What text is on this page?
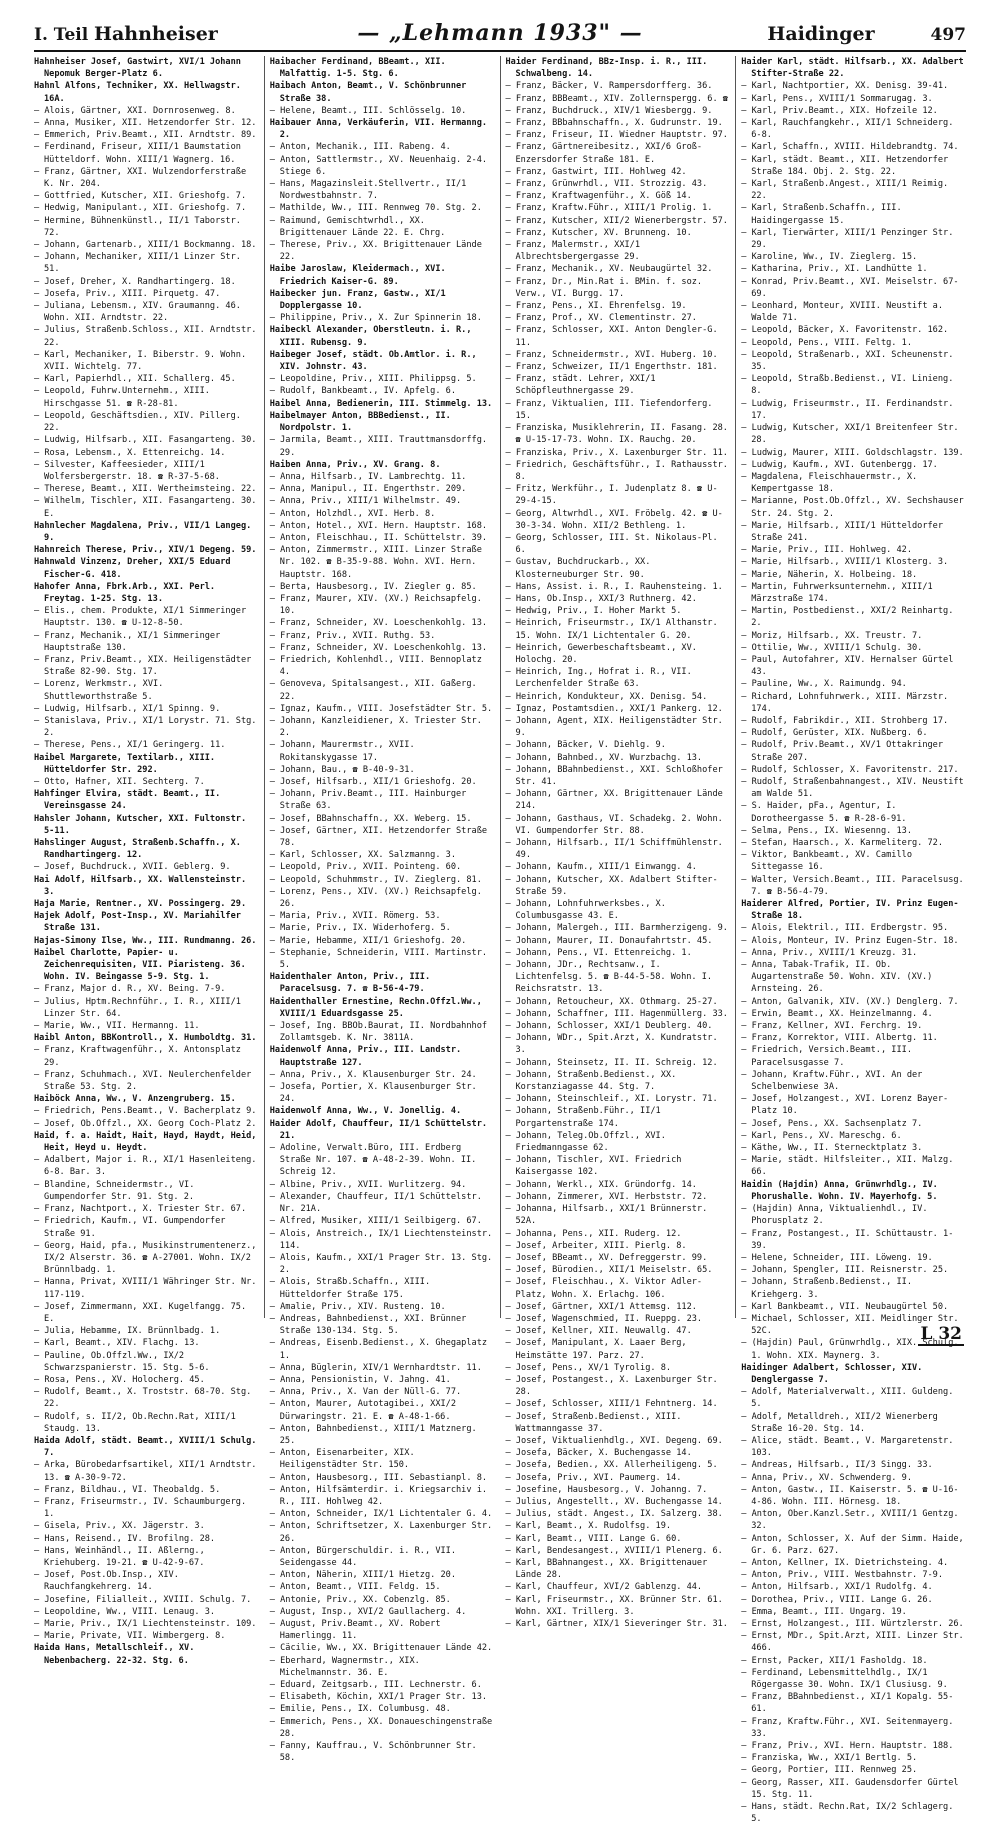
I. Teil Hahnheiser	— „Lehmann 1933" —	Haidinger	497
Hahnheiser Josef, Gastwirt, XVI/1 Johann Nepomuk Berger-Platz 6.
Hahnl Alfons, Techniker, XX. Hellwagstr. 16A.
— Alois, Gärtner, XXI. Dornrosenweg. 8.
— Anna, Musiker, XII. Hetzendorfer Str. 12.
— Emmerich, Priv.Beamt., XII. Arndtstr. 89.
— Ferdinand, Friseur, XIII/1 Baumstation Hütteldorf. Wohn. XIII/1 Wagnerg. 16.
— Franz, Gärtner, XXI. Wulzendorferstraße K. Nr. 204.
— Gottfried, Kutscher, XII. Grieshofg. 7.
— Hedwig, Manipulant., XII. Grieshofg. 7.
— Hermine, Bühnenkünstl., II/1 Taborstr. 72.
— Johann, Gartenarb., XIII/1 Bockmanng. 18.
— Johann, Mechaniker, XIII/1 Linzer Str. 51.
— Josef, Dreher, X. Randhartingerg. 18.
— Josefa, Priv., XIII. Pirquetg. 47.
— Juliana, Lebensm., XIV. Graumanng. 46. Wohn. XII. Arndtstr. 22.
— Julius, Straßenb.Schloss., XII. Arndtstr. 22.
— Karl, Mechaniker, I. Biberstr. 9. Wohn. XVII. Wichtelg. 77.
— Karl, Papierhdl., XII. Schallerg. 45.
— Leopold, Fuhrw.Unternehm., XIII. Hirschgasse 51. ☎ R-28-81.
— Leopold, Geschäftsdien., XIV. Pillerg. 22.
— Ludwig, Hilfsarb., XII. Fasangarteng. 30.
— Rosa, Lebensm., X. Ettenreichg. 14.
— Silvester, Kaffeesieder, XIII/1 Wolfersbergerstr. 18. ☎ R-37-5-68.
— Therese, Beamt., XII. Wertheimsteing. 22.
— Wilhelm, Tischler, XII. Fasangarteng. 30. E.
Hahnlecher Magdalena, Priv., VII/1 Langeg. 9.
Hahnreich Therese, Priv., XIV/1 Degeng. 59.
Hahnwald Vinzenz, Dreher, XXI/5 Eduard Fischer-G. 418.
Hahofer Anna, Fbrk.Arb., XXI. Perl. Freytag. 1-25. Stg. 13.
— Elis., chem. Produkte, XI/1 Simmeringer Hauptstr. 130. ☎ U-12-8-50.
— Franz, Mechanik., XI/1 Simmeringer Hauptstraße 130.
— Franz, Priv.Beamt., XIX. Heiligenstädter Straße 82-90. Stg. 17.
— Lorenz, Werkmstr., XVI. Shuttleworthstraße 5.
— Ludwig, Hilfsarb., XI/1 Spinng. 9.
— Stanislava, Priv., XI/1 Lorystr. 71. Stg. 2.
— Therese, Pens., XI/1 Geringerg. 11.
Haibel Margarete, Textilarb., XIII. Hütteldorfer Str. 292.
— Otto, Hafner, XII. Sechterg. 7.
Hahfinger Elvira, städt. Beamt., II. Vereinsgasse 24.
Hahsler Johann, Kutscher, XXI. Fultonstr. 5-11.
Hahslinger August, Straßenb.Schaffn., X. Randhartingerg. 12.
— Josef, Buchdruck., XVII. Geblerg. 9.
Hai Adolf, Hilfsarb., XX. Wallensteinstr. 3.
Haja Marie, Rentner., XV. Possingerg. 29.
Hajek Adolf, Post-Insp., XV. Mariahilfer Straße 131.
Hajas-Simony Ilse, Ww., III. Rundmanng. 26.
Haibel Charlotte, Papier- u. Zeichenrequisiten, VII. Piaristeng. 36. Wohn. IV. Beingasse 5-9. Stg. 1.
— Franz, Major d. R., XV. Being. 7-9.
— Julius, Hptm.Rechnführ., I. R., XIII/1 Linzer Str. 64.
— Marie, Ww., VII. Hermanng. 11.
Haibl Anton, BBKontroll., X. Humboldtg. 31.
— Franz, Kraftwagenführ., X. Antonsplatz 29.
— Franz, Schuhmach., XVI. Neulerchenfelder Straße 53. Stg. 2.
Haiböck Anna, Ww., V. Anzengruberg. 15.
— Friedrich, Pens.Beamt., V. Bacherplatz 9.
— Josef, Ob.Offzl., XX. Georg Coch-Platz 2.
Haid, f. a. Haidt, Hait, Hayd, Haydt, Heid, Heit, Heyd u. Heydt.
— Adalbert, Major i. R., XI/1 Hasenleiteng. 6-8. Bar. 3.
— Blandine, Schneidermstr., VI. Gumpendorfer Str. 91. Stg. 2.
— Franz, Nachtport., X. Triester Str. 67.
— Friedrich, Kaufm., VI. Gumpendorfer Straße 91.
— Georg, Haid, pfa., Musikinstrumentenerz., IX/2 Alserstr. 36. ☎ A-27001. Wohn. IX/2 Brünnlbadg. 1.
— Hanna, Privat, XVIII/1 Währinger Str. Nr. 117-119.
— Josef, Zimmermann, XXI. Kugelfangg. 75. E.
— Julia, Hebamme, IX. Brünnlbadg. 1.
— Karl, Beamt., XIV. Flachg. 13.
— Pauline, Ob.Offzl.Ww., IX/2 Schwarzspanierstr. 15. Stg. 5-6.
— Rosa, Pens., XV. Holocherg. 45.
— Rudolf, Beamt., X. Troststr. 68-70. Stg. 22.
— Rudolf, s. II/2, Ob.Rechn.Rat, XIII/1 Staudg. 13.
Haida Adolf, städt. Beamt., XVIII/1 Schulg. 7.
— Arka, Bürobedarfsartikel, XII/1 Arndtstr. 13. ☎ A-30-9-72.
— Franz, Bildhau., VI. Theobaldg. 5.
— Franz, Friseurmstr., IV. Schaumburgerg. 1.
— Gisela, Priv., XX. Jägerstr. 3.
— Hans, Reisend., IV. Brofilng. 28.
— Hans, Weinhändl., II. Aßlerng., Kriehuberg. 19-21. ☎ U-42-9-67.
— Josef, Post.Ob.Insp., XIV. Rauchfangkehrerg. 14.
— Josefine, Filialleit., XVIII. Schulg. 7.
— Leopoldine, Ww., VIII. Lenaug. 3.
— Marie, Priv., IX/1 Liechtensteinstr. 109.
— Marie, Private, VII. Wimbergerg. 8.
Haida Hans, Metallschleif., XV. Nebenbacherg. 22-32. Stg. 6.
Haibacher Ferdinand, BBeamt., XII. Malfattig. 1-5. Stg. 6.
Haibach Anton, Beamt., V. Schönbrunner Straße 38.
— Helene, Beamt., III. Schlösselg. 10.
Haibauer Anna, Verkäuferin, VII. Hermanng. 2.
— Anton, Mechanik., III. Rabeng. 4.
— Anton, Sattlermstr., XV. Neuenhaig. 2-4. Stiege 6.
— Hans, Magazinsleit.Stellvertr., II/1 Nordwestbahnstr. 7.
— Mathilde, Ww., III. Rennweg 70. Stg. 2.
— Raimund, Gemischtwrhdl., XX. Brigittenauer Lände 22. E. Chrg.
— Therese, Priv., XX. Brigittenauer Lände 22.
Haibe Jaroslaw, Kleidermach., XVI. Friedrich Kaiser-G. 89.
Haibecker jun. Franz, Gastw., XI/1 Dopplergasse 10.
— Philippine, Priv., X. Zur Spinnerin 18.
Haibeckl Alexander, Oberstleutn. i. R., XIII. Rubensg. 9.
Haibeger Josef, städt. Ob.Amtlor. i. R., XIV. Johnstr. 43.
— Leopoldine, Priv., XIII. Philippsg. 5.
— Rudolf, Bankbeamt., IV. Apfelg. 6.
Haibel Anna, Bedienerin, III. Stimmelg. 13.
Haibelmayer Anton, BBBedienst., II. Nordpolstr. 1.
— Jarmila, Beamt., XIII. Trauttmansdorffg. 29.
Haiben Anna, Priv., XV. Grang. 8.
— Anna, Hilfsarb., IV. Lambrechtg. 11.
— Anna, Manipul., II. Engerthstr. 209.
— Anna, Priv., XIII/1 Wilhelmstr. 49.
— Anton, Holzhdl., XVI. Herb. 8.
— Anton, Hotel., XVI. Hern. Hauptstr. 168.
— Anton, Fleischhau., II. Schüttelstr. 39.
— Anton, Zimmermstr., XIII. Linzer Straße Nr. 102. ☎ B-35-9-88. Wohn. XVI. Hern. Hauptstr. 168.
— Berta, Hausbesorg., IV. Ziegler g. 85.
— Franz, Maurer, XIV. (XV.) Reichsapfelg. 10.
— Franz, Schneider, XV. Loeschenkohlg. 13.
— Franz, Priv., XVII. Ruthg. 53.
— Franz, Schneider, XV. Loeschenkohlg. 13.
— Friedrich, Kohlenhdl., VIII. Bennoplatz 4.
— Genoveva, Spitalsangest., XII. Gaßerg. 22.
— Ignaz, Kaufm., VIII. Josefstädter Str. 5.
— Johann, Kanzleidiener, X. Triester Str. 2.
— Johann, Maurermstr., XVII. Rokitanskygasse 17.
— Johann, Bau., ☎ B-40-9-31.
— Josef, Hilfsarb., XII/1 Grieshofg. 20.
— Johann, Priv.Beamt., III. Hainburger Straße 63.
— Josef, BBahnschaffn., XX. Weberg. 15.
— Josef, Gärtner, XII. Hetzendorfer Straße 78.
— Karl, Schlosser, XX. Salzmanng. 3.
— Leopold, Priv., XVII. Pointeng. 60.
— Leopold, Schuhmmstr., IV. Zieglerg. 81.
— Lorenz, Pens., XIV. (XV.) Reichsapfelg. 26.
— Maria, Priv., XVII. Römerg. 53.
— Marie, Priv., IX. Widerhoferg. 5.
— Marie, Hebamme, XII/1 Grieshofg. 20.
— Stephanie, Schneiderin, VIII. Martinstr. 5.
Haidenthaler Anton, Priv., III. Paracelsusg. 7. ☎ B-56-4-79.
Haidenthaller Ernestine, Rechn.Offzl.Ww., XVIII/1 Eduardsgasse 25.
— Josef, Ing. BBOb.Baurat, II. Nordbahnhof Zollamtsgeb. K. Nr. 3811A.
Haidenwolf Anna, Priv., III. Landstr. Hauptstraße 127.
— Anna, Priv., X. Klausenburger Str. 24.
— Josefa, Portier, X. Klausenburger Str. 24.
Haidenwolf Anna, Ww., V. Jonellig. 4.
Haider Adolf, Chauffeur, II/1 Schüttelstr. 21.
— Adoline, Verwalt.Büro, III. Erdberg Straße Nr. 107. ☎ A-48-2-39. Wohn. II. Schreig 12.
— Albine, Priv., XVII. Wurlitzerg. 94.
— Alexander, Chauffeur, II/1 Schüttelstr. Nr. 21A.
— Alfred, Musiker, XIII/1 Seilbigerg. 67.
— Alois, Anstreich., IX/1 Liechtensteinstr. 114.
— Alois, Kaufm., XXI/1 Prager Str. 13. Stg. 2.
— Alois, Straßb.Schaffn., XIII. Hütteldorfer Straße 175.
— Amalie, Priv., XIV. Rusteng. 10.
— Andreas, Bahnbedienst., XXI. Brünner Straße 130-134. Stg. 5.
— Andreas, Eisenb.Bedienst., X. Ghegaplatz 1.
— Anna, Büglerin, XIV/1 Wernhardtstr. 11.
— Anna, Pensionistin, V. Jahng. 41.
— Anna, Priv., X. Van der Nüll-G. 77.
— Anton, Maurer, Autotagibei., XXI/2 Dürwaringstr. 21. E. ☎ A-48-1-66.
— Anton, Bahnbedienst., XIII/1 Matznerg. 25.
— Anton, Eisenarbeiter, XIX. Heiligenstädter Str. 150.
— Anton, Hausbesorg., III. Sebastianpl. 8.
— Anton, Hilfsämterdir. i. Kriegsarchiv i. R., III. Hohlweg 42.
— Anton, Schneider, IX/1 Lichtentaler G. 4.
— Anton, Schriftsetzer, X. Laxenburger Str. 26.
— Anton, Bürgerschuldir. i. R., VII. Seidengasse 44.
— Anton, Näherin, XIII/1 Hietzg. 20.
— Anton, Beamt., VIII. Feldg. 15.
— Antonie, Priv., XX. Cobenzlg. 85.
— August, Insp., XVI/2 Gaullacherg. 4.
— August, Priv.Beamt., XV. Robert Hamerlingg. 11.
— Cäcilie, Ww., XX. Brigittenauer Lände 42.
— Eberhard, Wagnermstr., XIX. Michelmannstr. 36. E.
— Eduard, Zeitgsarb., III. Lechnerstr. 6.
— Elisabeth, Köchin, XXI/1 Prager Str. 13.
— Emilie, Pens., IX. Columbusg. 48.
— Emmerich, Pens., XX. Donaueschingenstraße 28.
— Fanny, Kauffrau., V. Schönbrunner Str. 58.
Haider Ferdinand, BBz-Insp. i. R., III. Schwalbeng. 14.
— Franz, Bäcker, V. Rampersdorfferg. 36.
— Franz, BBBeamt., XIV. Zollernspergg. 6. ☎
— Franz, Buchdruck., XIV/1 Wiesbergg. 9.
— Franz, BBbahnschaffn., X. Gudrunstr. 19.
— Franz, Friseur, II. Wiedner Hauptstr. 97.
— Franz, Gärtnereibesitz., XXI/6 Groß-Enzersdorfer Straße 181. E.
— Franz, Gastwirt, III. Hohlweg 42.
— Franz, Grünwrhdl., VII. Strozzig. 43.
— Franz, Kraftwagenführ., X. Göß 14.
— Franz, Kraftw.Führ., XIII/1 Prolig. 1.
— Franz, Kutscher, XII/2 Wienerbergstr. 57.
— Franz, Kutscher, XV. Brunneng. 10.
— Franz, Malermstr., XXI/1 Albrechtsbergergasse 29.
— Franz, Mechanik., XV. Neubaugürtel 32.
— Franz, Dr., Min.Rat i. BMin. f. soz. Verw., VI. Burgg. 17.
— Franz, Pens., XI. Ehrenfelsg. 19.
— Franz, Prof., XV. Clementinstr. 27.
— Franz, Schlosser, XXI. Anton Dengler-G. 11.
— Franz, Schneidermstr., XVI. Huberg. 10.
— Franz, Schweizer, II/1 Engerthstr. 181.
— Franz, städt. Lehrer, XXI/1 Schöpfleuthnergasse 29.
— Franz, Viktualien, III. Tiefendorferg. 15.
— Franziska, Musiklehrerin, II. Fasang. 28. ☎ U-15-17-73. Wohn. IX. Rauchg. 20.
— Franziska, Priv., X. Laxenburger Str. 11.
— Friedrich, Geschäftsführ., I. Rathausstr. 8.
— Fritz, Werkführ., I. Judenplatz 8. ☎ U-29-4-15.
— Georg, Altwrhdl., XVI. Fröbelg. 42. ☎ U-30-3-34. Wohn. XII/2 Bethleng. 1.
— Georg, Schlosser, III. St. Nikolaus-Pl. 6.
— Gustav, Buchdruckarb., XX. Klosterneuburger Str. 90.
— Hans, Assist. i. R., I. Rauhensteing. 1.
— Hans, Ob.Insp., XXI/3 Ruthnerg. 42.
— Hedwig, Priv., I. Hoher Markt 5.
— Heinrich, Friseurmstr., IX/1 Althanstr. 15. Wohn. IX/1 Lichtentaler G. 20.
— Heinrich, Gewerbeschaftsbeamt., XV. Holochg. 20.
— Heinrich, Ing., Hofrat i. R., VII. Lerchenfelder Straße 63.
— Heinrich, Kondukteur, XX. Denisg. 54.
— Ignaz, Postamtsdien., XXI/1 Pankerg. 12.
— Johann, Agent, XIX. Heiligenstädter Str. 9.
— Johann, Bäcker, V. Diehlg. 9.
— Johann, Bahnbed., XV. Wurzbachg. 13.
— Johann, BBahnbedienst., XXI. Schloßhofer Str. 41.
— Johann, Gärtner, XX. Brigittenauer Lände 214.
— Johann, Gasthaus, VI. Schadekg. 2. Wohn. VI. Gumpendorfer Str. 88.
— Johann, Hilfsarb., II/1 Schiffmühlenstr. 49.
— Johann, Kaufm., XIII/1 Einwangg. 4.
— Johann, Kutscher, XX. Adalbert Stifter-Straße 59.
— Johann, Lohnfuhrwerksbes., X. Columbusgasse 43. E.
— Johann, Malergeh., III. Barmherzigeng. 9.
— Johann, Maurer, II. Donaufahrtstr. 45.
— Johann, Pens., VI. Ettenreichg. 1.
— Johann, JDr., Rechtsanw., I. Lichtenfelsg. 5. ☎ B-44-5-58. Wohn. I. Reichsratstr. 13.
— Johann, Retoucheur, XX. Othmarg. 25-27.
— Johann, Schaffner, III. Hagenmüllerg. 33.
— Johann, Schlosser, XXI/1 Deublerg. 40.
— Johann, WDr., Spit.Arzt, X. Kundratstr. 3.
— Johann, Steinsetz, II. II. Schreig. 12.
— Johann, Straßenb.Bedienst., XX. Korstanziagasse 44. Stg. 7.
— Johann, Steinschleif., XI. Lorystr. 71.
— Johann, Straßenb.Führ., II/1 Porgartenstraße 174.
— Johann, Teleg.Ob.Offzl., XVI. Friedmanngasse 62.
— Johann, Tischler, XVI. Friedrich Kaisergasse 102.
— Johann, Werkl., XIX. Gründorfg. 14.
— Johann, Zimmerer, XVI. Herbststr. 72.
— Johanna, Hilfsarb., XXI/1 Brünnerstr. 52A.
— Johanna, Pens., XII. Ruderg. 12.
— Josef, Arbeiter, XIII. Pierlg. 8.
— Josef, BBeamt., XV. Defreggerstr. 99.
— Josef, Bürodien., XII/1 Meiselstr. 65.
— Josef, Fleischhau., X. Viktor Adler-Platz, Wohn. X. Erlachg. 106.
— Josef, Gärtner, XXI/1 Attemsg. 112.
— Josef, Wagenschmied, II. Rueppg. 23.
— Josef, Kellner, XII. Neuwallg. 47.
— Josef, Manipulant, X. Laaer Berg, Heimstätte 197. Parz. 27.
— Josef, Pens., XV/1 Tyrolig. 8.
— Josef, Postangest., X. Laxenburger Str. 28.
— Josef, Schlosser, XIII/1 Fehntnerg. 14.
— Josef, Straßenb.Bedienst., XIII. Wattmanngasse 37.
— Josef, Viktualienhdlg., XVI. Degeng. 69.
— Josefa, Bäcker, X. Buchengasse 14.
— Josefa, Bedien., XX. Allerheiligeng. 5.
— Josefa, Priv., XVI. Paumerg. 14.
— Josefine, Hausbesorg., V. Johanng. 7.
— Julius, Angestellt., XV. Buchengasse 14.
— Julius, städt. Angest., IX. Salzerg. 38.
— Karl, Beamt., X. Rudolfsg. 19.
— Karl, Beamt., VIII. Lange G. 60.
— Karl, Bendesangest., XVIII/1 Plenerg. 6.
— Karl, BBahnangest., XX. Brigittenauer Lände 28.
— Karl, Chauffeur, XVI/2 Gablenzg. 44.
— Karl, Friseurmstr., XX. Brünner Str. 61. Wohn. XXI. Trillerg. 3.
— Karl, Gärtner, XIX/1 Sieveringer Str. 31.
Haider Karl, städt. Hilfsarb., XX. Adalbert Stifter-Straße 22.
— Karl, Nachtportier, XX. Denisg. 39-41.
— Karl, Pens., XVIII/1 Sommarugag. 3.
— Karl, Priv.Beamt., XIX. Hofzeile 12.
— Karl, Rauchfangkehr., XII/1 Schneiderg. 6-8.
— Karl, Schaffn., XVIII. Hildebrandtg. 74.
— Karl, städt. Beamt., XII. Hetzendorfer Straße 184. Obj. 2. Stg. 22.
— Karl, Straßenb.Angest., XIII/1 Reimig. 22.
— Karl, Straßenb.Schaffn., III. Haidingergasse 15.
— Karl, Tierwärter, XIII/1 Penzinger Str. 29.
— Karoline, Ww., IV. Zieglerg. 15.
— Katharina, Priv., XI. Landhütte 1.
— Konrad, Priv.Beamt., XVI. Meiselstr. 67-69.
— Leonhard, Monteur, XVIII. Neustift a. Walde 71.
— Leopold, Bäcker, X. Favoritenstr. 162.
— Leopold, Pens., VIII. Feltg. 1.
— Leopold, Straßenarb., XXI. Scheunenstr. 35.
— Leopold, Straßb.Bedienst., VI. Linieng. 8.
— Ludwig, Friseurmstr., II. Ferdinandstr. 17.
— Ludwig, Kutscher, XXI/1 Breitenfeer Str. 28.
— Ludwig, Maurer, XIII. Goldschlagstr. 139.
— Ludwig, Kaufm., XVI. Gutenbergg. 17.
— Magdalena, Fleischhauermstr., X. Kempertgasse 18.
— Marianne, Post.Ob.Offzl., XV. Sechshauser Str. 24. Stg. 2.
— Marie, Hilfsarb., XIII/1 Hütteldorfer Straße 241.
— Marie, Priv., III. Hohlweg. 42.
— Marie, Hilfsarb., XVIII/1 Klosterg. 3.
— Marie, Näherin, X. Holbeing. 18.
— Martin, Fuhrwerksunternehm., XIII/1 Märzstraße 174.
— Martin, Postbedienst., XXI/2 Reinhartg. 2.
— Moriz, Hilfsarb., XX. Treustr. 7.
— Ottilie, Ww., XVIII/1 Schulg. 30.
— Paul, Autofahrer, XIV. Hernalser Gürtel 43.
— Pauline, Ww., X. Raimundg. 94.
— Richard, Lohnfuhrwerk., XIII. Märzstr. 174.
— Rudolf, Fabrikdir., XII. Strohberg 17.
— Rudolf, Gerüster, XIX. Nußberg. 6.
— Rudolf, Priv.Beamt., XV/1 Ottakringer Straße 207.
— Rudolf, Schlosser, X. Favoritenstr. 217.
— Rudolf, Straßenbahnangest., XIV. Neustift am Walde 51.
— S. Haider, pFa., Agentur, I. Dorotheergasse 5. ☎ R-28-6-91.
— Selma, Pens., IX. Wiesenng. 13.
— Stefan, Haarsch., X. Karmeliterg. 72.
— Viktor, Bankbeamt., XV. Camillo Sittegasse 16.
— Walter, Versich.Beamt., III. Paracelsusg. 7. ☎ B-56-4-79.
Haiderer Alfred, Portier, IV. Prinz Eugen-Straße 18.
— Alois, Elektril., III. Erdbergstr. 95.
— Alois, Monteur, IV. Prinz Eugen-Str. 18.
— Anna, Priv., XVIII/1 Kreuzg. 31.
— Anna, Tabak-Trafik, II. Ob. Augartenstraße 50. Wohn. XIV. (XV.) Arnsteing. 26.
— Anton, Galvanik, XIV. (XV.) Denglerg. 7.
— Erwin, Beamt., XX. Heinzelmanng. 4.
— Franz, Kellner, XVI. Ferchrg. 19.
— Franz, Korrektor, VIII. Albertg. 11.
— Friedrich, Versich.Beamt., III. Paracelsusgasse 7.
— Johann, Kraftw.Führ., XVI. An der Schelbenwiese 3A.
— Josef, Holzangest., XVI. Lorenz Bayer-Platz 10.
— Josef, Pens., XX. Sachsenplatz 7.
— Karl, Pens., XV. Mareschg. 6.
— Käthe, Ww., II. Sternecktplatz 3.
— Marie, städt. Hilfsleiter., XII. Malzg. 66.
Haidin (Hajdin) Anna, Grünwrhdlg., IV. Phorushalle. Wohn. IV. Mayerhofg. 5.
— (Hajdin) Anna, Viktualienhdl., IV. Phorusplatz 2.
— Franz, Postangest., II. Schüttaustr. 1-39.
— Helene, Schneider, III. Löweng. 19.
— Johann, Spengler, III. Reisnerstr. 25.
— Johann, Straßenb.Bedienst., II. Kriehgerg. 3.
— Karl Bankbeamt., VII. Neubaugürtel 50.
— Michael, Schlosser, XII. Meidlinger Str. 52C.
— (Hajdin) Paul, Grünwrhdlg., XIX. Schulg. 1. Wohn. XIX. Maynerg. 3.
Haidinger Adalbert, Schlosser, XIV. Denglergasse 7.
— Adolf, Materialverwalt., XIII. Guldeng. 5.
— Adolf, Metalldreh., XII/2 Wienerberg Straße 16-20. Stg. 14.
— Alice, städt. Beamt., V. Margaretenstr. 103.
— Andreas, Hilfsarb., II/3 Singg. 33.
— Anna, Priv., XV. Schwenderg. 9.
— Anton, Gastw., II. Kaiserstr. 5. ☎ U-16-4-86. Wohn. III. Hörnesg. 18.
— Anton, Ober.Kanzl.Setr., XVIII/1 Gentzg. 32.
— Anton, Schlosser, X. Auf der Simm. Haide, Gr. 6. Parz. 627.
— Anton, Kellner, IX. Dietrichsteing. 4.
— Anton, Priv., VIII. Westbahnstr. 7-9.
— Anton, Hilfsarb., XXI/1 Rudolfg. 4.
— Dorothea, Priv., VIII. Lange G. 26.
— Emma, Beamt., III. Ungarg. 19.
— Ernst, Holzangest., III. Würtzlerstr. 26.
— Ernst, MDr., Spit.Arzt, XIII. Linzer Str. 466.
— Ernst, Packer, XII/1 Fasholdg. 18.
— Ferdinand, Lebensmittelhdlg., IX/1 Rögergasse 30. Wohn. IX/1 Clusiusg. 9.
— Franz, BBahnbedienst., XI/1 Kopalg. 55-61.
— Franz, Kraftw.Führ., XVI. Seitenmayerg. 33.
— Franz, Priv., XVI. Hern. Hauptstr. 188.
— Franziska, Ww., XXI/1 Bertlg. 5.
— Georg, Portier, III. Rennweg 25.
— Georg, Rasser, XII. Gaudensdorfer Gürtel 15. Stg. 11.
— Hans, städt. Rechn.Rat, IX/2 Schlagerg. 5.
L 32
